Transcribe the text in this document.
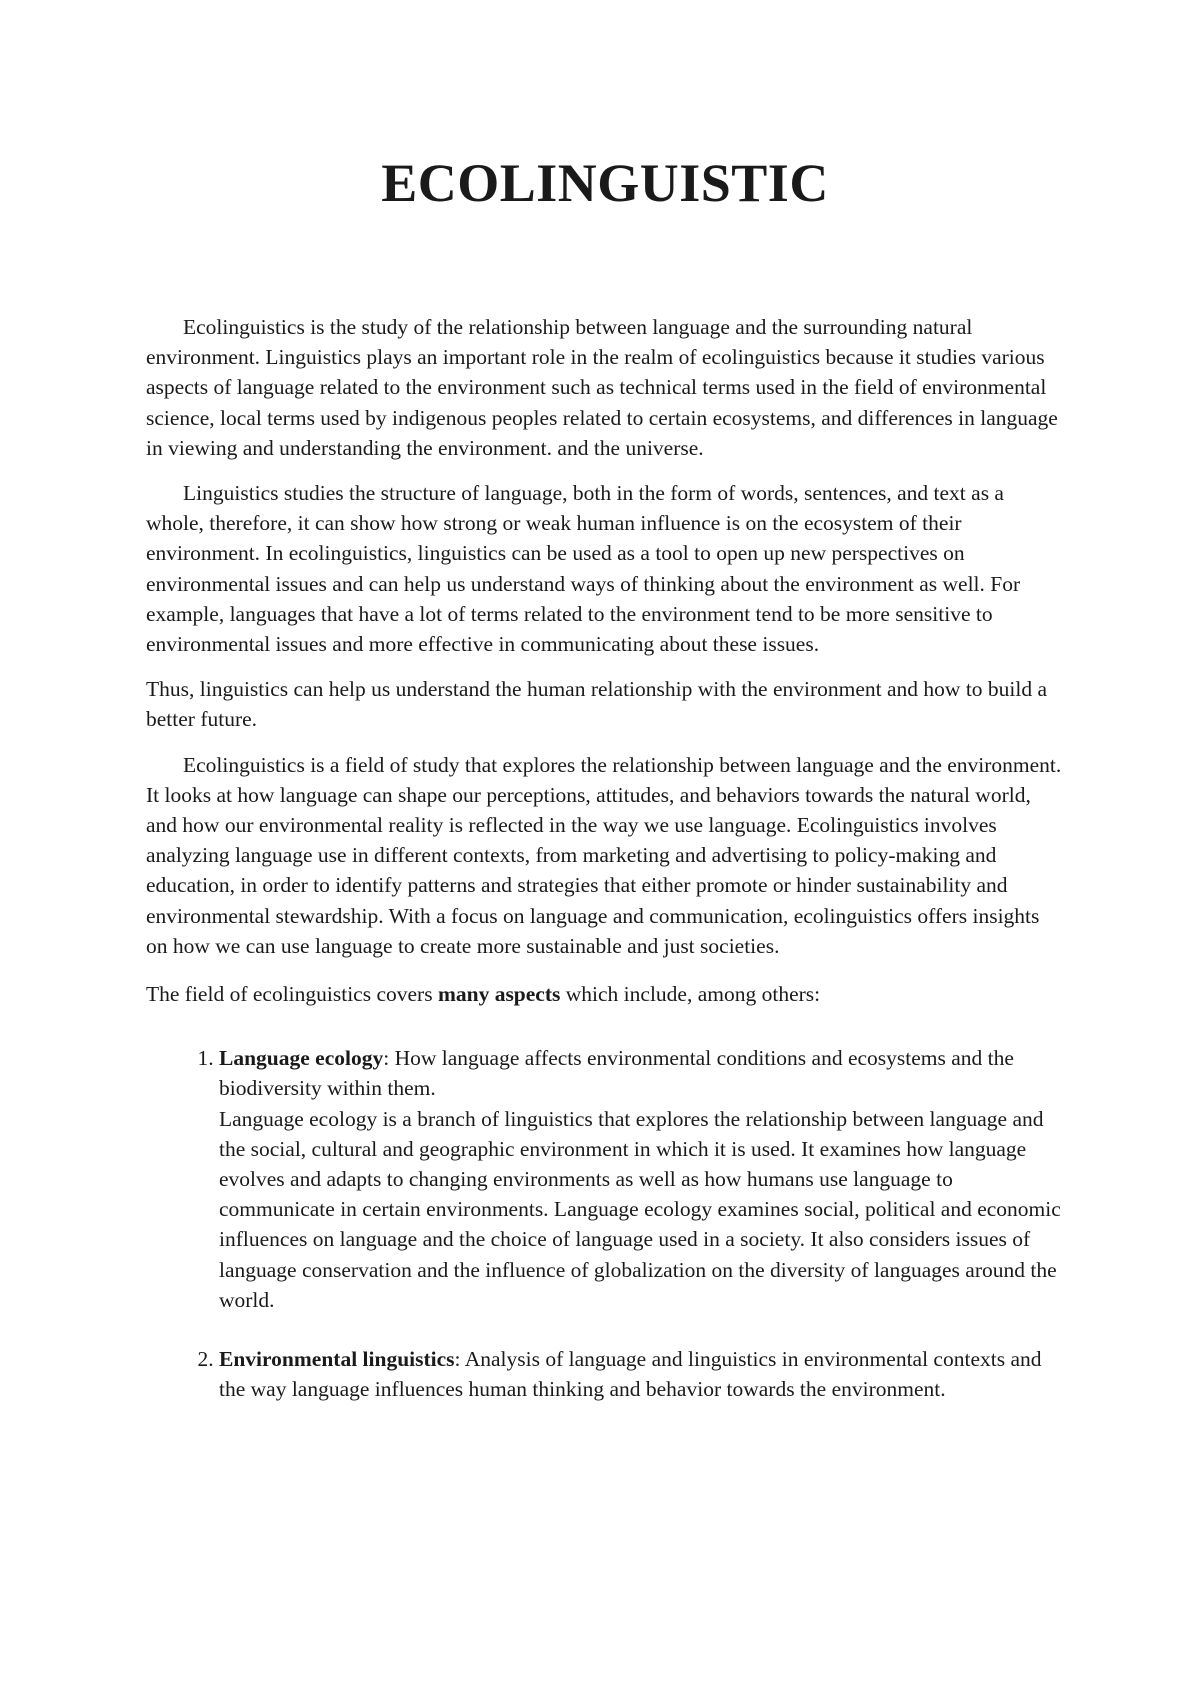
ECOLINGUISTIC

Ecolinguistics is the study of the relationship between language and the surrounding natural environment. Linguistics plays an important role in the realm of ecolinguistics because it studies various aspects of language related to the environment such as technical terms used in the field of environmental science, local terms used by indigenous peoples related to certain ecosystems, and differences in language in viewing and understanding the environment. and the universe.

Linguistics studies the structure of language, both in the form of words, sentences, and text as a whole, therefore, it can show how strong or weak human influence is on the ecosystem of their environment. In ecolinguistics, linguistics can be used as a tool to open up new perspectives on environmental issues and can help us understand ways of thinking about the environment as well. For example, languages that have a lot of terms related to the environment tend to be more sensitive to environmental issues and more effective in communicating about these issues.

Thus, linguistics can help us understand the human relationship with the environment and how to build a better future.

Ecolinguistics is a field of study that explores the relationship between language and the environment. It looks at how language can shape our perceptions, attitudes, and behaviors towards the natural world, and how our environmental reality is reflected in the way we use language. Ecolinguistics involves analyzing language use in different contexts, from marketing and advertising to policy-making and education, in order to identify patterns and strategies that either promote or hinder sustainability and environmental stewardship. With a focus on language and communication, ecolinguistics offers insights on how we can use language to create more sustainable and just societies.

The field of ecolinguistics covers many aspects which include, among others:

1. Language ecology: How language affects environmental conditions and ecosystems and the biodiversity within them.
Language ecology is a branch of linguistics that explores the relationship between language and the social, cultural and geographic environment in which it is used. It examines how language evolves and adapts to changing environments as well as how humans use language to communicate in certain environments. Language ecology examines social, political and economic influences on language and the choice of language used in a society. It also considers issues of language conservation and the influence of globalization on the diversity of languages around the world.
2. Environmental linguistics: Analysis of language and linguistics in environmental contexts and the way language influences human thinking and behavior towards the environment.
